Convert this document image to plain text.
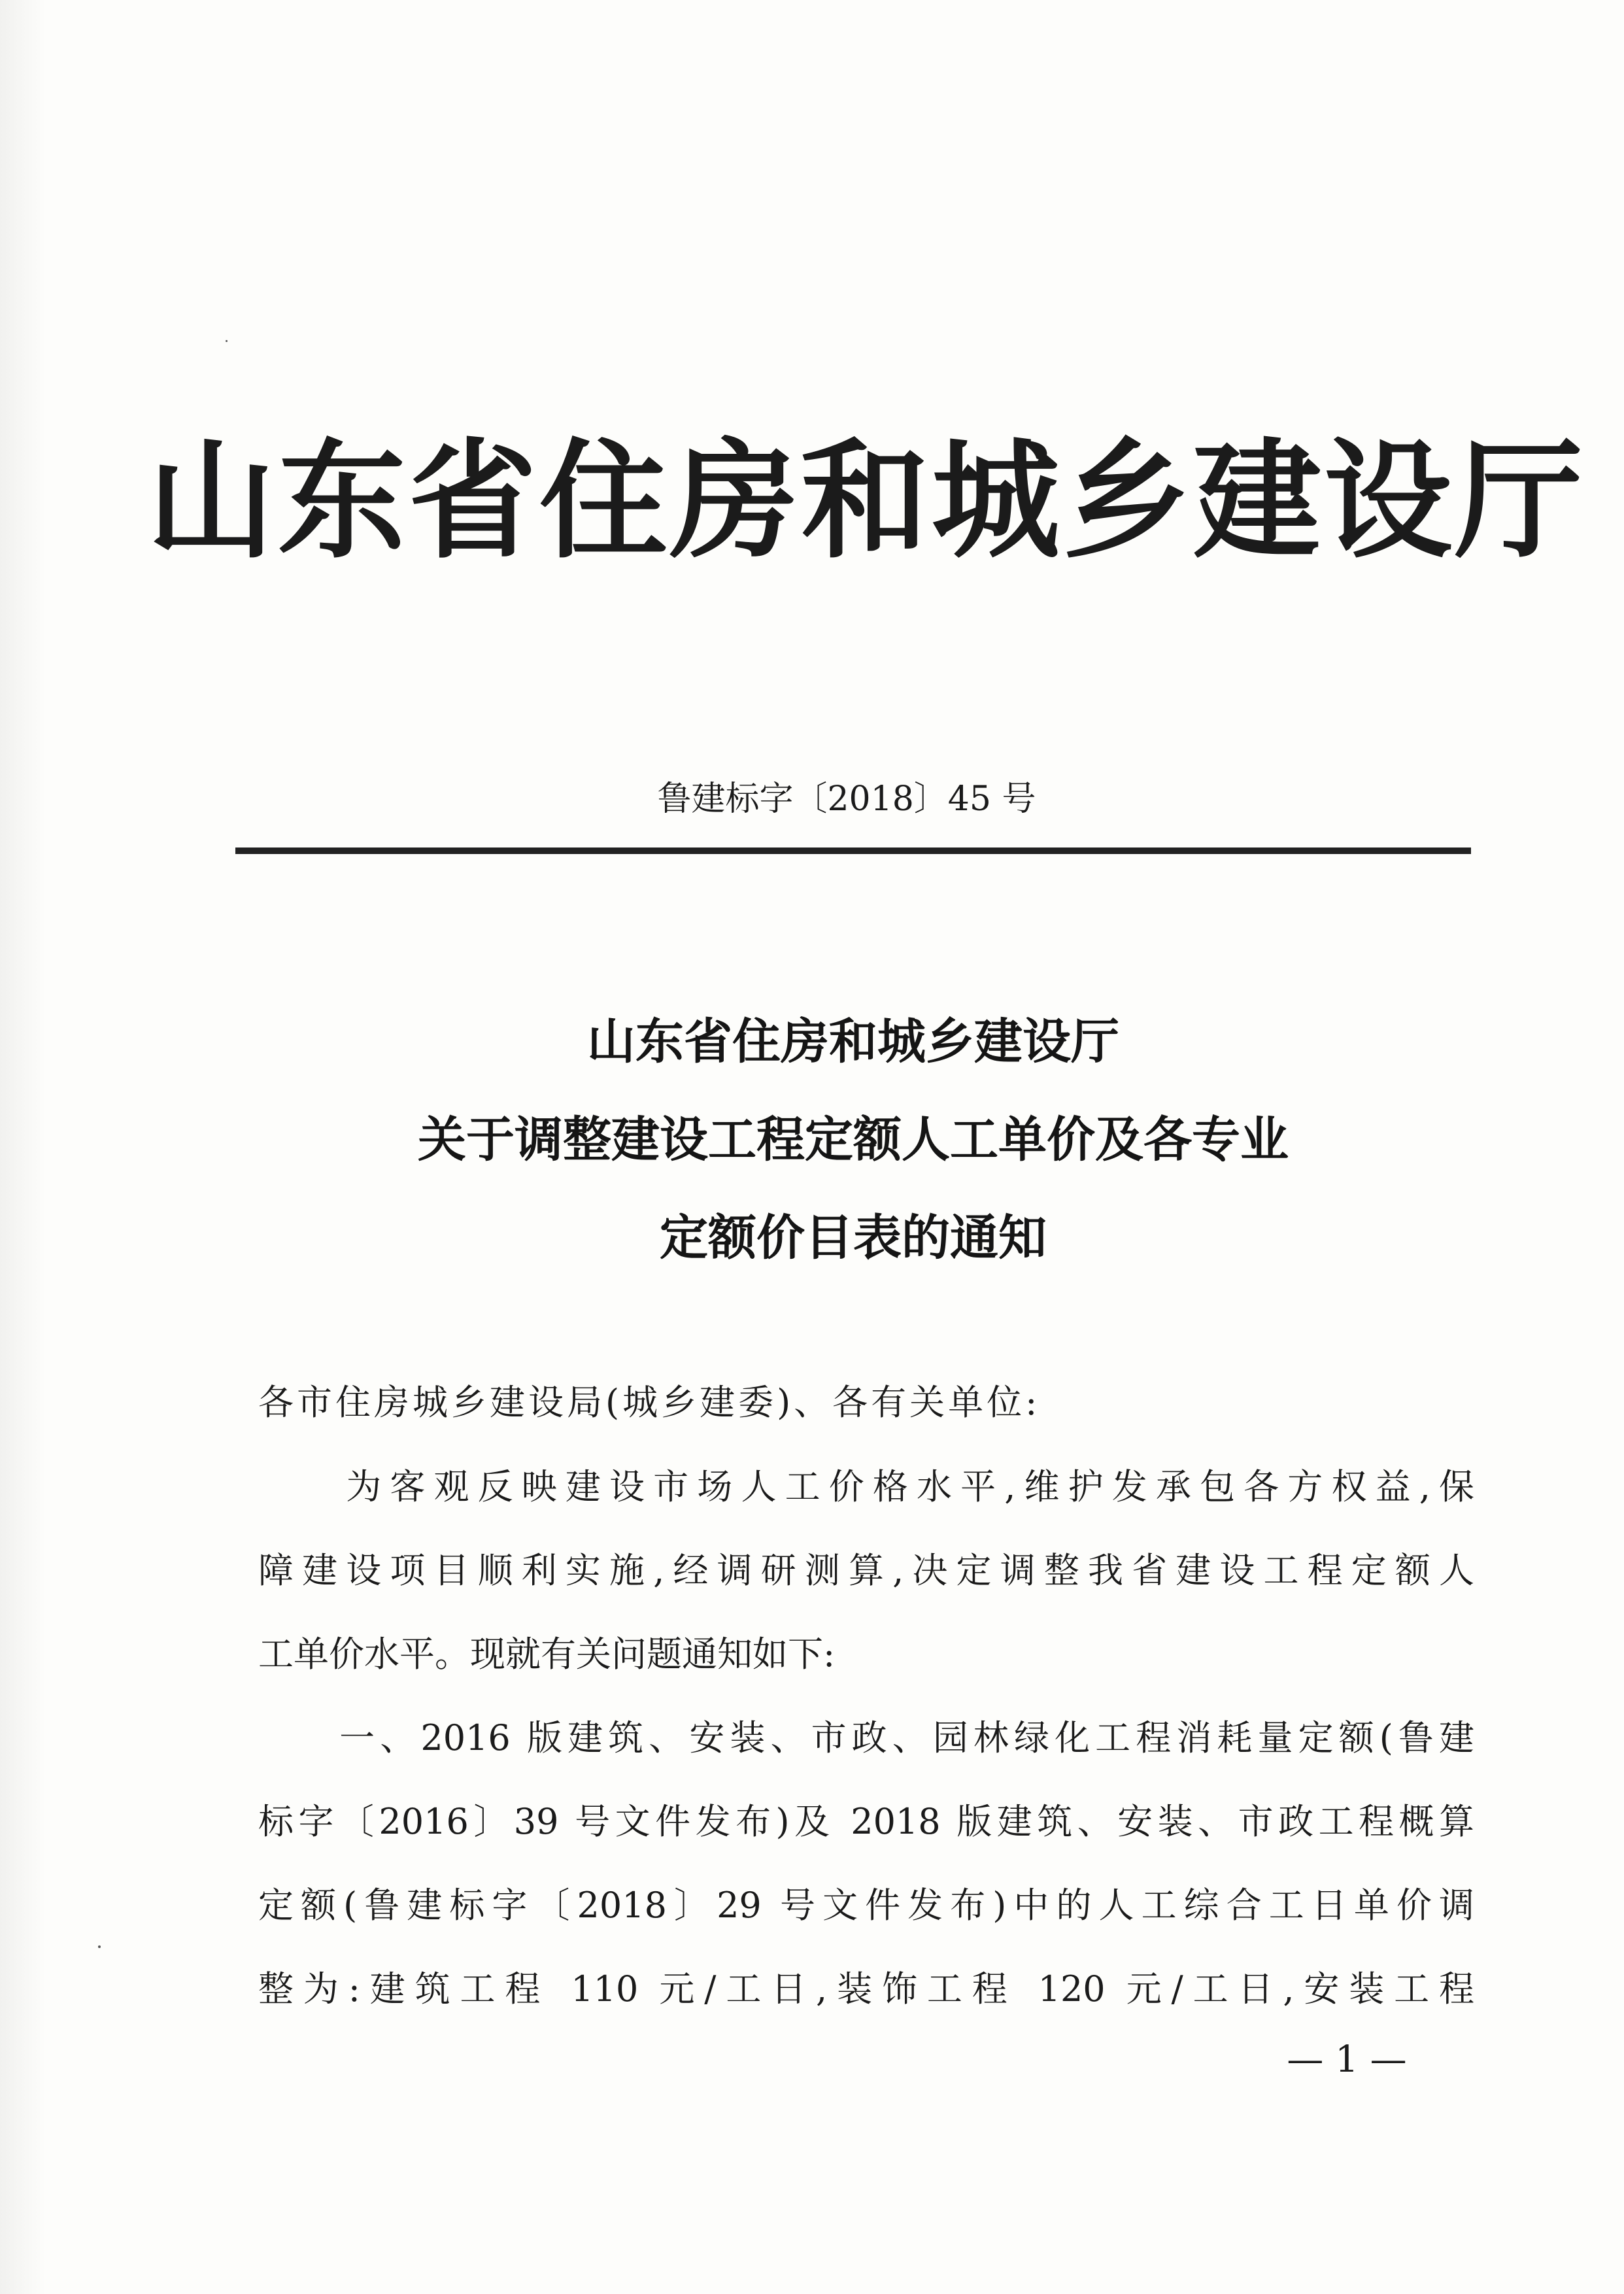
山东省住房和城乡建设厅
鲁建标字〔2018〕45 号
山东省住房和城乡建设厅
关于调整建设工程定额人工单价及各专业
定额价目表的通知
各市住房城乡建设局(城乡建委)、各有关单位:
　　为客观反映建设市场人工价格水平,维护发承包各方权益,保
障建设项目顺利实施,经调研测算,决定调整我省建设工程定额人
工单价水平。现就有关问题通知如下:
　　一、2016 版建筑、安装、市政、园林绿化工程消耗量定额(鲁建
标字〔2016〕39 号文件发布)及 2018 版建筑、安装、市政工程概算
定额(鲁建标字〔2018〕29 号文件发布)中的人工综合工日单价调
整为:建筑工程 110 元/工日,装饰工程 120 元/工日,安装工程
— 1 —
